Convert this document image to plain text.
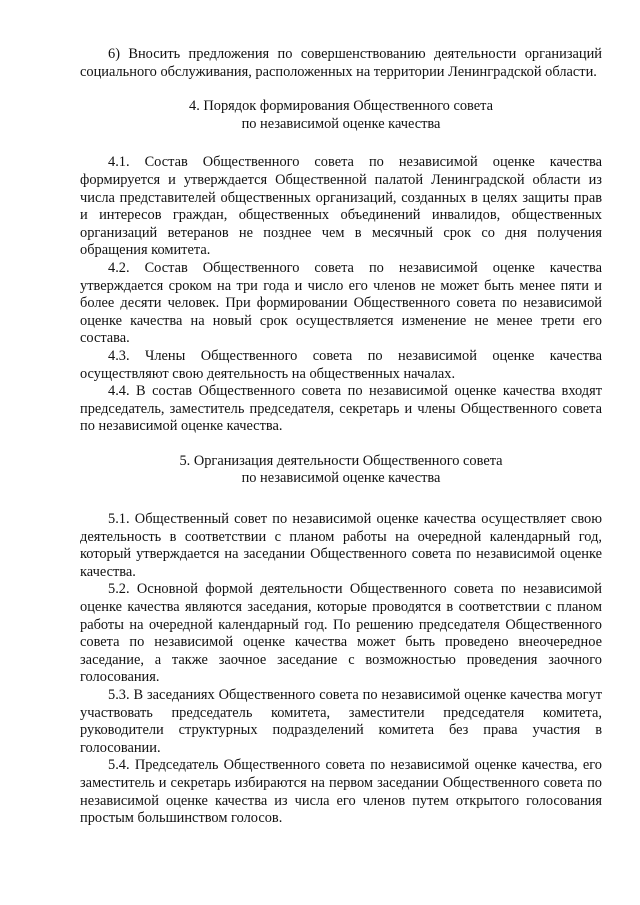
6) Вносить предложения по совершенствованию деятельности организаций социального обслуживания, расположенных на территории Ленинградской области.

4. Порядок формирования Общественного совета
по независимой оценке качества

4.1. Состав Общественного совета по независимой оценке качества формируется и утверждается Общественной палатой Ленинградской области из числа представителей общественных организаций, созданных в целях защиты прав и интересов граждан, общественных объединений инвалидов, общественных организаций ветеранов не позднее чем в месячный срок со дня получения обращения комитета.

4.2. Состав Общественного совета по независимой оценке качества утверждается сроком на три года и число его членов не может быть менее пяти и более десяти человек. При формировании Общественного совета по независимой оценке качества на новый срок осуществляется изменение не менее трети его состава.

4.3. Члены Общественного совета по независимой оценке качества осуществляют свою деятельность на общественных началах.

4.4. В состав Общественного совета по независимой оценке качества входят председатель, заместитель председателя, секретарь и члены Общественного совета по независимой оценке качества.

5. Организация деятельности Общественного совета
по независимой оценке качества

5.1. Общественный совет по независимой оценке качества осуществляет свою деятельность в соответствии с планом работы на очередной календарный год, который утверждается на заседании Общественного совета по независимой оценке качества.

5.2. Основной формой деятельности Общественного совета по независимой оценке качества являются заседания, которые проводятся в соответствии с планом работы на очередной календарный год. По решению председателя Общественного совета по независимой оценке качества может быть проведено внеочередное заседание, а также заочное заседание с возможностью проведения заочного голосования.

5.3. В заседаниях Общественного совета по независимой оценке качества могут участвовать председатель комитета, заместители председателя комитета, руководители структурных подразделений комитета без права участия в голосовании.

5.4. Председатель Общественного совета по независимой оценке качества, его заместитель и секретарь избираются на первом заседании Общественного совета по независимой оценке качества из числа его членов путем открытого голосования простым большинством голосов.
